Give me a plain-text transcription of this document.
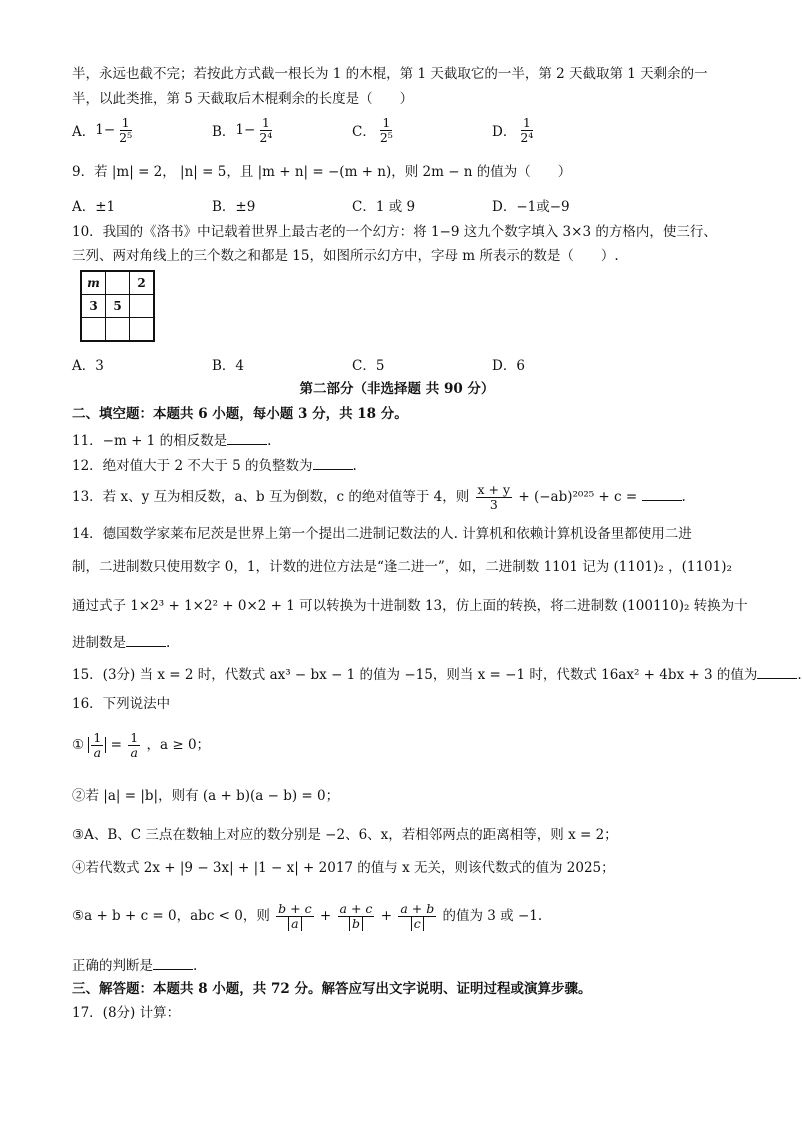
半，永远也截不完；若按此方式截一根长为 1 的木棍，第 1 天截取它的一半，第 2 天截取第 1 天剩余的一
半，以此类推，第 5 天截取后木棍剩余的长度是（　　）
A． $1- \frac{1}{\text{2⁵}}$	B． $1- \frac{1}{\text{2⁴}}$	C． $\frac{1}{\text{2⁵}}$	D． $\frac{1}{\text{2⁴}}$
9．若 |m| = 2， |n| = 5，且 |m + n| = −(m + n)，则 2m − n 的值为（　　）
A．±1	B．±9	C．1 或 9	D．−1或−9
10．我国的《洛书》中记载着世界上最古老的一个幻方：将 1−9 这九个数字填入 3×3 的方格内，使三行、
三列、两对角线上的三个数之和都是 15，如图所示幻方中，字母 m 所表示的数是（　　）.
m		2
3	5	

A．3	B．4	C．5	D．6
第二部分（非选择题 共 90 分）
二、填空题：本题共 6 小题，每小题 3 分，共 18 分。
11．−m + 1 的相反数是	.
12．绝对值大于 2 不大于 5 的负整数为	.
13．若 x、y 互为相反数，a、b 互为倒数，c 的绝对值等于 4，则 $\frac{x + y}{3} + (-ab)^{2025} + c$ =	.
14．德国数学家莱布尼茨是世界上第一个提出二进制记数法的人. 计算机和依赖计算机设备里都使用二进
制，二进制数只使用数字 0，1，计数的进位方法是“逢二进一”，如，二进制数 1101 记为 (1101)₂ ，(1101)₂
通过式子 1×2³ + 1×2² + 0×2 + 1 可以转换为十进制数 13，仿上面的转换，将二进制数 (100110)₂ 转换为十
进制数是	.
15．(3分) 当 x = 2 时，代数式 ax³ − bx − 1 的值为 −15，则当 x = −1 时，代数式 16ax² + 4bx + 3 的值为	.
16．下列说法中
① $\frac{1}{a} = \frac{1}{a}$ ，a ≥ 0；
②若 |a| = |b|，则有 (a + b)(a − b) = 0；
③A、B、C 三点在数轴上对应的数分别是 −2、6、x，若相邻两点的距离相等，则 x = 2；
④若代数式 2x + |9 − 3x| + |1 − x| + 2017 的值与 x 无关，则该代数式的值为 2025；
⑤a + b + c = 0，abc < 0，则 $\frac{b + c}{a} + \frac{a + c}{b} + \frac{a + b}{c}$ 的值为 3 或 −1.
正确的判断是	.
三、解答题：本题共 8 小题，共 72 分。解答应写出文字说明、证明过程或演算步骤。
17．(8分) 计算：
